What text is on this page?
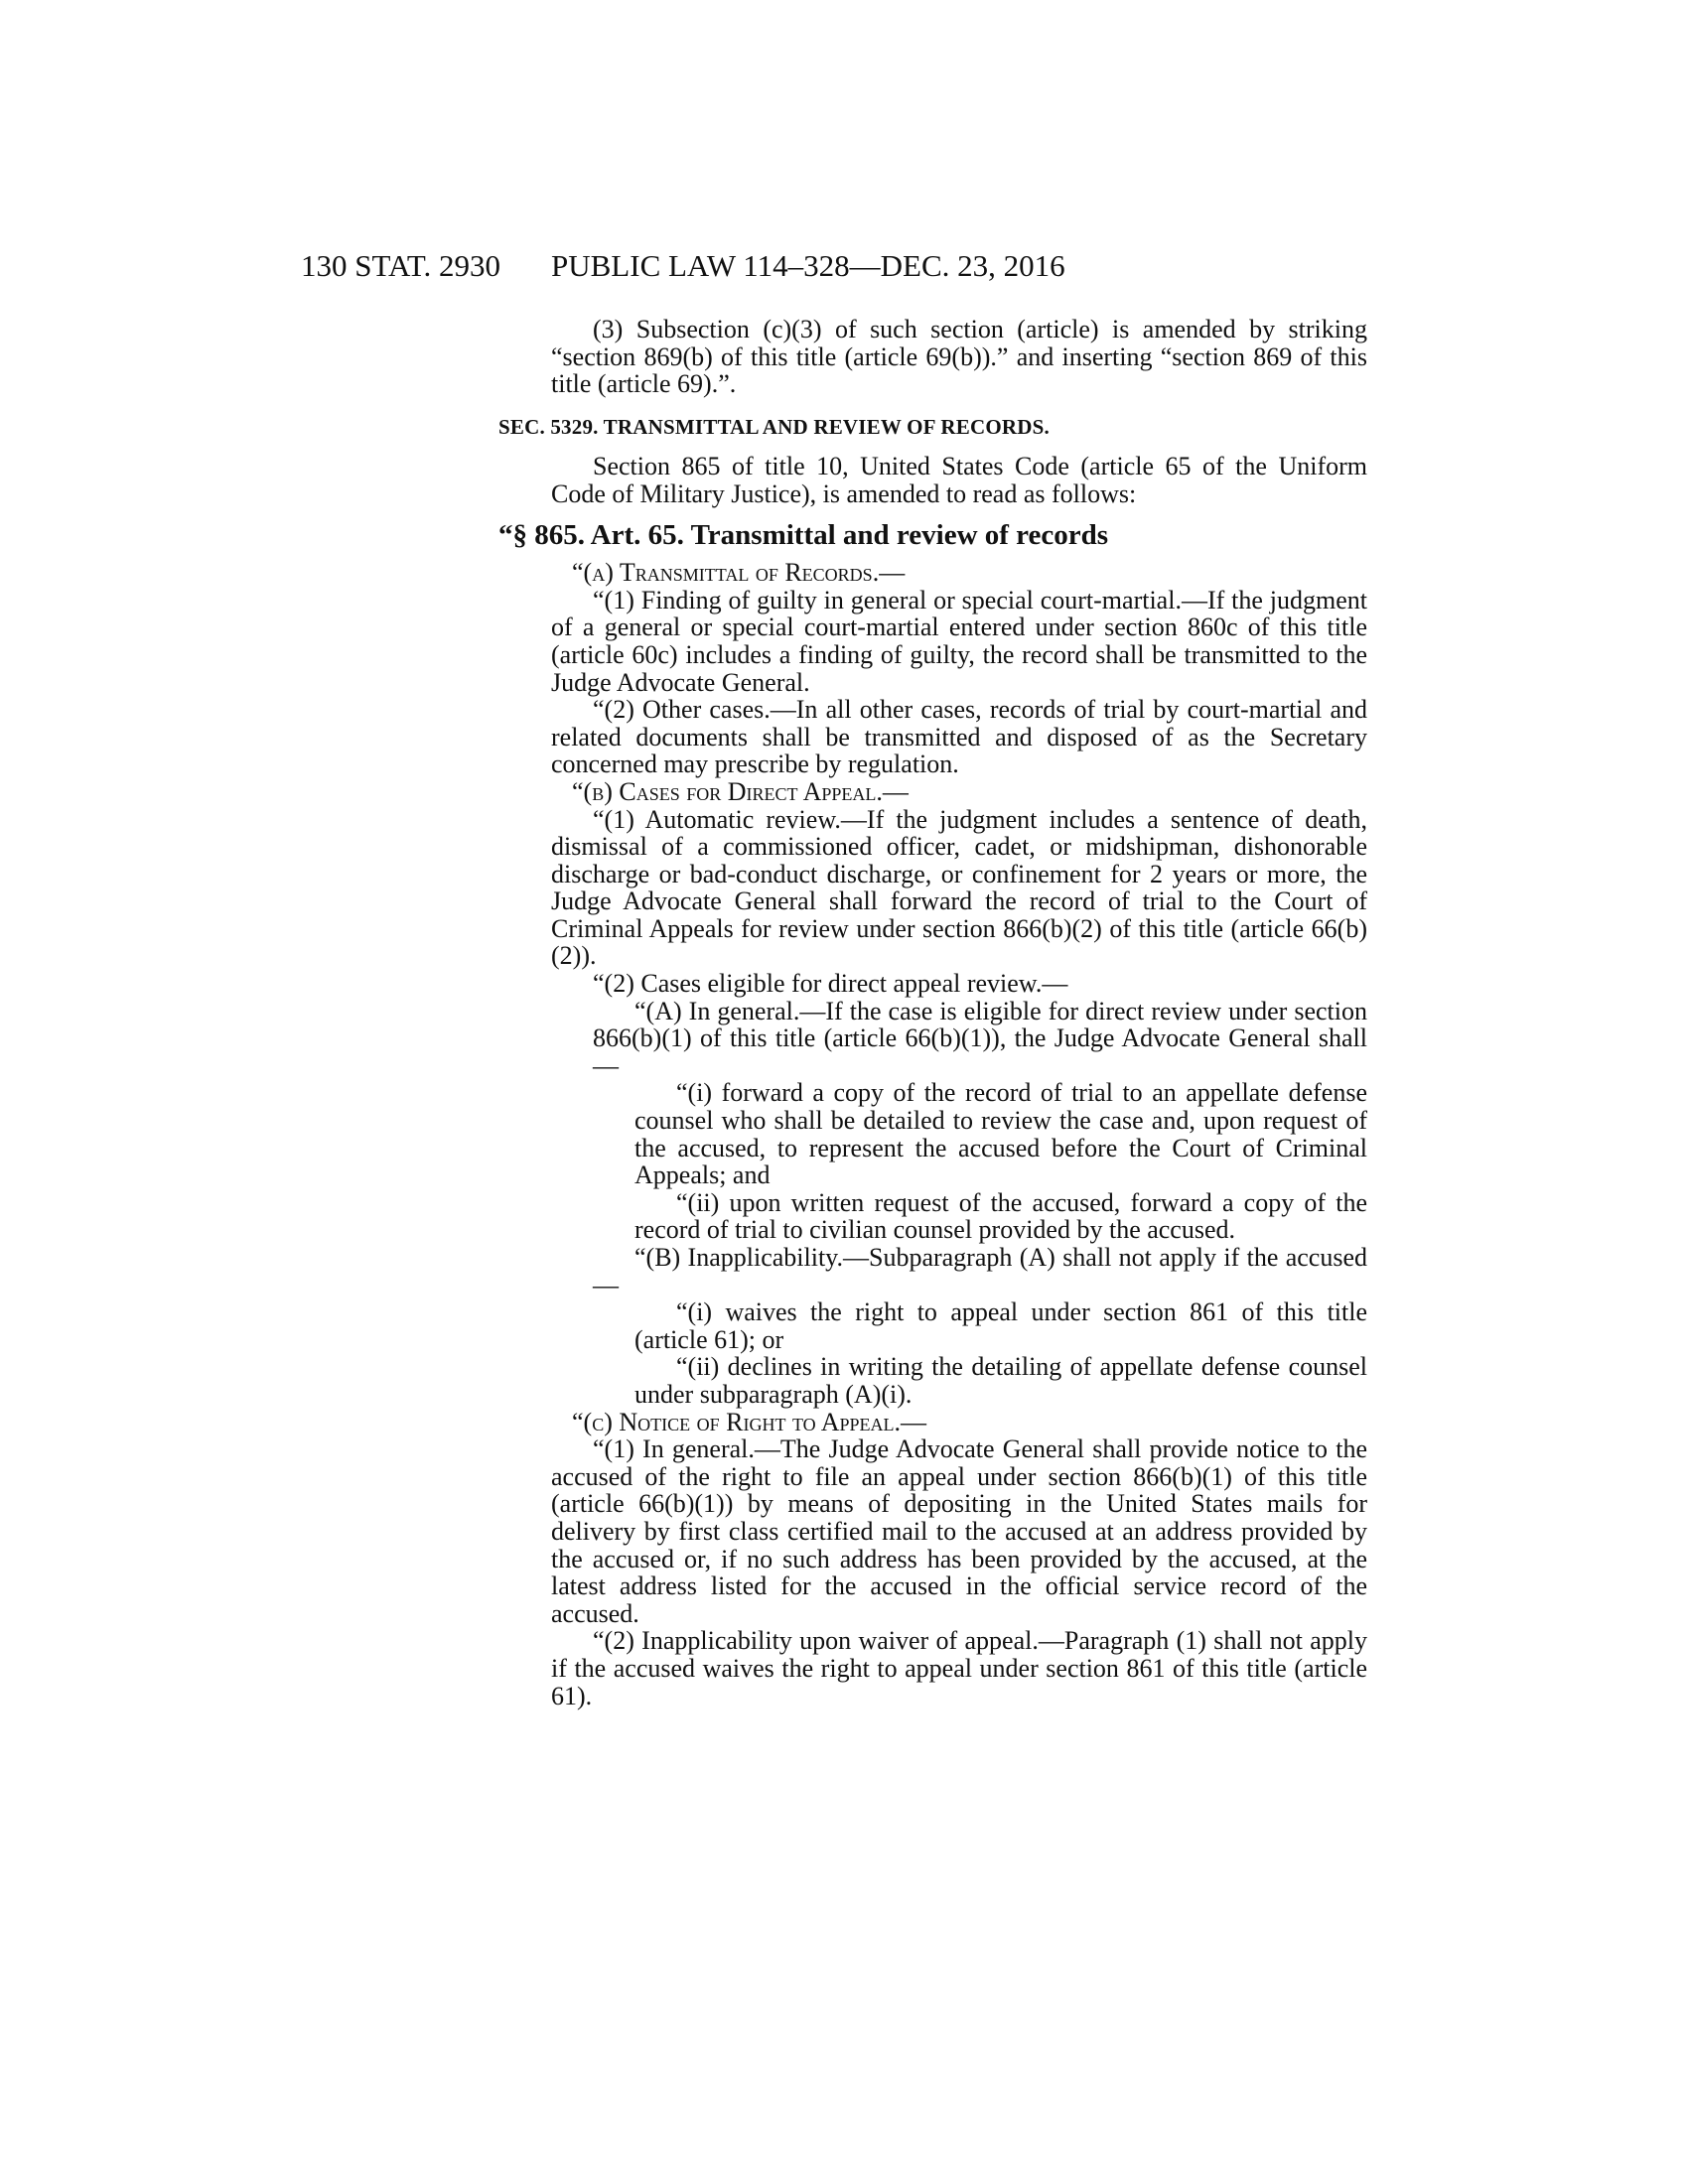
130 STAT. 2930 PUBLIC LAW 114–328—DEC. 23, 2016

(3) Subsection (c)(3) of such section (article) is amended by striking “section 869(b) of this title (article 69(b)).” and inserting “section 869 of this title (article 69).”.

SEC. 5329. TRANSMITTAL AND REVIEW OF RECORDS.

Section 865 of title 10, United States Code (article 65 of the Uniform Code of Military Justice), is amended to read as follows:

“§ 865. Art. 65. Transmittal and review of records

“(a) Transmittal of Records.—

“(1) Finding of guilty in general or special court-martial.—If the judgment of a general or special court-martial entered under section 860c of this title (article 60c) includes a finding of guilty, the record shall be transmitted to the Judge Advocate General.

“(2) Other cases.—In all other cases, records of trial by court-martial and related documents shall be transmitted and disposed of as the Secretary concerned may prescribe by regulation.

“(b) Cases for Direct Appeal.—

“(1) Automatic review.—If the judgment includes a sentence of death, dismissal of a commissioned officer, cadet, or midshipman, dishonorable discharge or bad-conduct discharge, or confinement for 2 years or more, the Judge Advocate General shall forward the record of trial to the Court of Criminal Appeals for review under section 866(b)(2) of this title (article 66(b)(2)).

“(2) Cases eligible for direct appeal review.—

“(A) In general.—If the case is eligible for direct review under section 866(b)(1) of this title (article 66(b)(1)), the Judge Advocate General shall—

“(i) forward a copy of the record of trial to an appellate defense counsel who shall be detailed to review the case and, upon request of the accused, to represent the accused before the Court of Criminal Appeals; and

“(ii) upon written request of the accused, forward a copy of the record of trial to civilian counsel provided by the accused.

“(B) Inapplicability.—Subparagraph (A) shall not apply if the accused—

“(i) waives the right to appeal under section 861 of this title (article 61); or

“(ii) declines in writing the detailing of appellate defense counsel under subparagraph (A)(i).

“(c) Notice of Right to Appeal.—

“(1) In general.—The Judge Advocate General shall provide notice to the accused of the right to file an appeal under section 866(b)(1) of this title (article 66(b)(1)) by means of depositing in the United States mails for delivery by first class certified mail to the accused at an address provided by the accused or, if no such address has been provided by the accused, at the latest address listed for the accused in the official service record of the accused.

“(2) Inapplicability upon waiver of appeal.—Paragraph (1) shall not apply if the accused waives the right to appeal under section 861 of this title (article 61).
